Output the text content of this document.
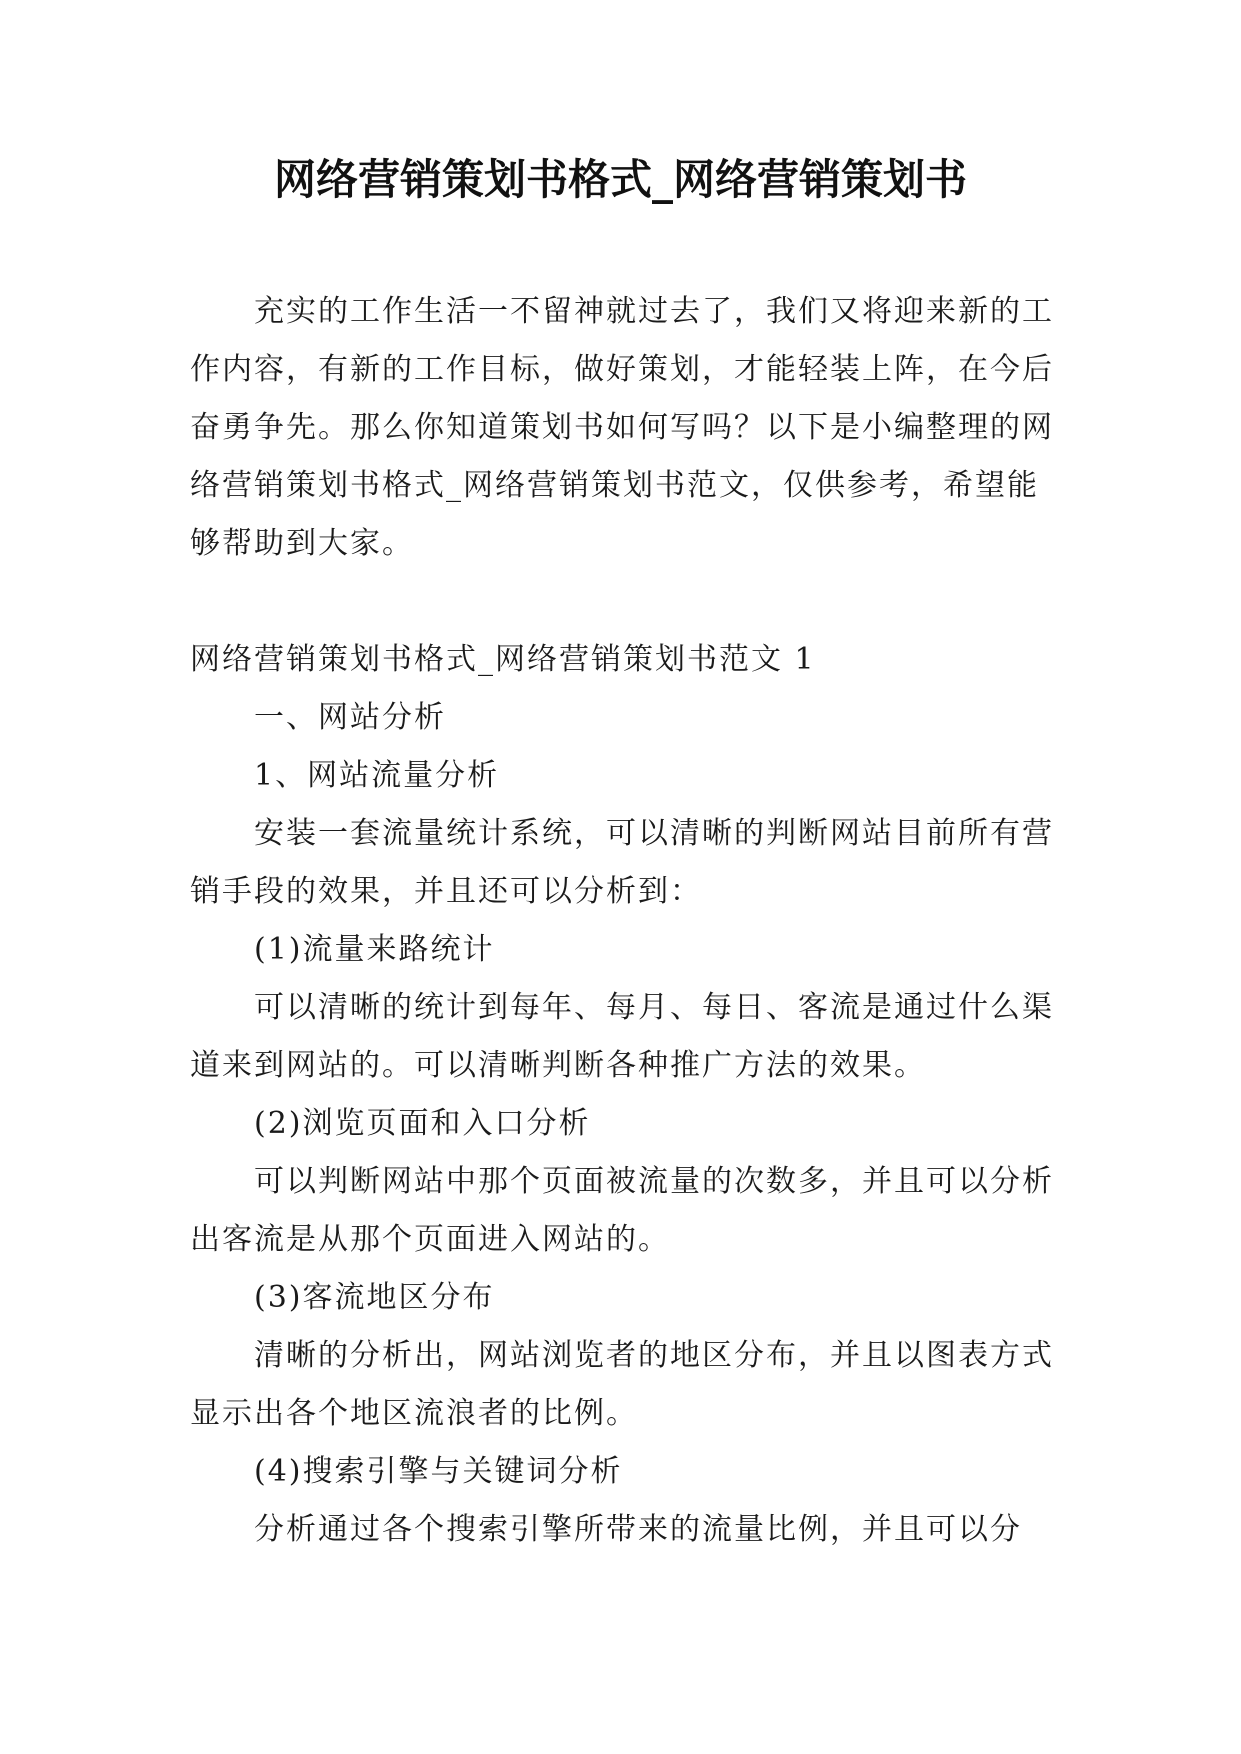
网络营销策划书格式_网络营销策划书

充实的工作生活一不留神就过去了，我们又将迎来新的工作内容，有新的工作目标，做好策划，才能轻装上阵，在今后奋勇争先。那么你知道策划书如何写吗？以下是小编整理的网络营销策划书格式_网络营销策划书范文，仅供参考，希望能够帮助到大家。

网络营销策划书格式_网络营销策划书范文 1

一、网站分析

1、网站流量分析

安装一套流量统计系统，可以清晰的判断网站目前所有营销手段的效果，并且还可以分析到：

(1)流量来路统计

可以清晰的统计到每年、每月、每日、客流是通过什么渠道来到网站的。可以清晰判断各种推广方法的效果。

(2)浏览页面和入口分析

可以判断网站中那个页面被流量的次数多，并且可以分析出客流是从那个页面进入网站的。

(3)客流地区分布

清晰的分析出，网站浏览者的地区分布，并且以图表方式显示出各个地区流浪者的比例。

(4)搜索引擎与关键词分析

分析通过各个搜索引擎所带来的流量比例，并且可以分
